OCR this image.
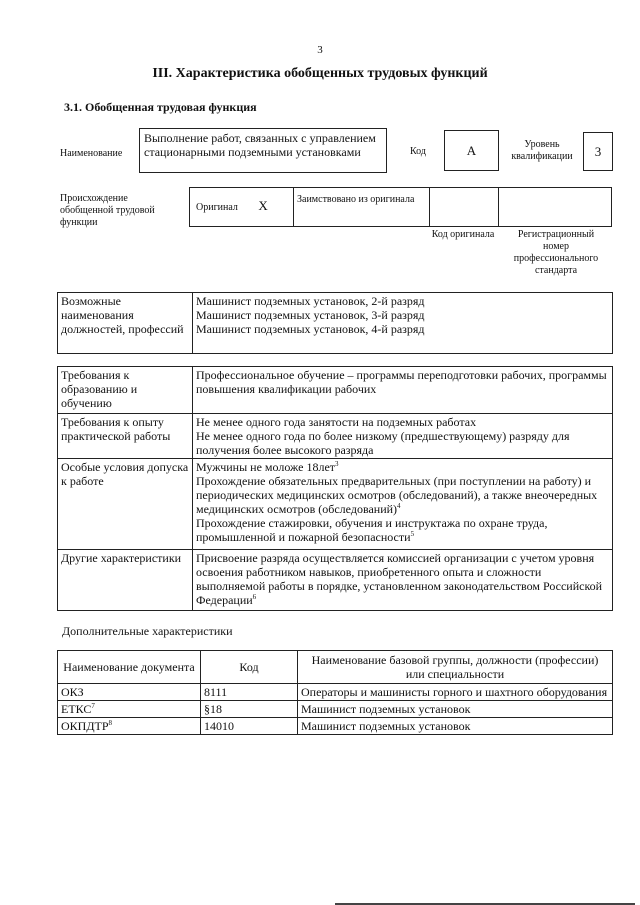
3
III. Характеристика обобщенных трудовых функций
3.1. Обобщенная трудовая функция
Наименование
Выполнение работ, связанных с управлением стационарными подземными установками	Код	А	Уровень квалификации	3
Происхождение обобщенной трудовой функции
Оригинал Х	Заимствовано из оригинала		
Код оригинала	Регистрационный номер профессионального стандарта
Возможные наименования должностей, профессий	
Машинист подземных установок, 2-й разряд
Машинист подземных установок, 3-й разряд
Машинист подземных установок, 4-й разряд
Требования к образованию и обучению	Профессиональное обучение – программы переподготовки рабочих, программы повышения квалификации рабочих
Требования к опыту практической работы	Не менее одного года занятости на подземных работах
Не менее одного года по более низкому (предшествующему) разряду для получения более высокого разряда

Особые условия допуска к работе	Мужчины не моложе 18лет$^3$
Прохождение обязательных предварительных (при поступлении на работу) и периодических медицинских осмотров (обследований), а также внеочередных медицинских осмотров (обследований)$^4$
Прохождение стажировки, обучения и инструктажа по охране труда, промышленной и пожарной безопасности$^5$

Другие характеристики	Присвоение разряда осуществляется комиссией организации с учетом уровня освоения работником навыков, приобретенного опыта и сложности выполняемой работы в порядке, установленном законодательством Российской Федерации$^6$
Дополнительные характеристики
Наименование документа	Код	Наименование базовой группы, должности (профессии) или специальности
ОКЗ	8111	Операторы и машинисты горного и шахтного оборудования
ЕТКС$^7$	§18	Машинист подземных установок
ОКПДТР$^8$	14010	Машинист подземных установок
